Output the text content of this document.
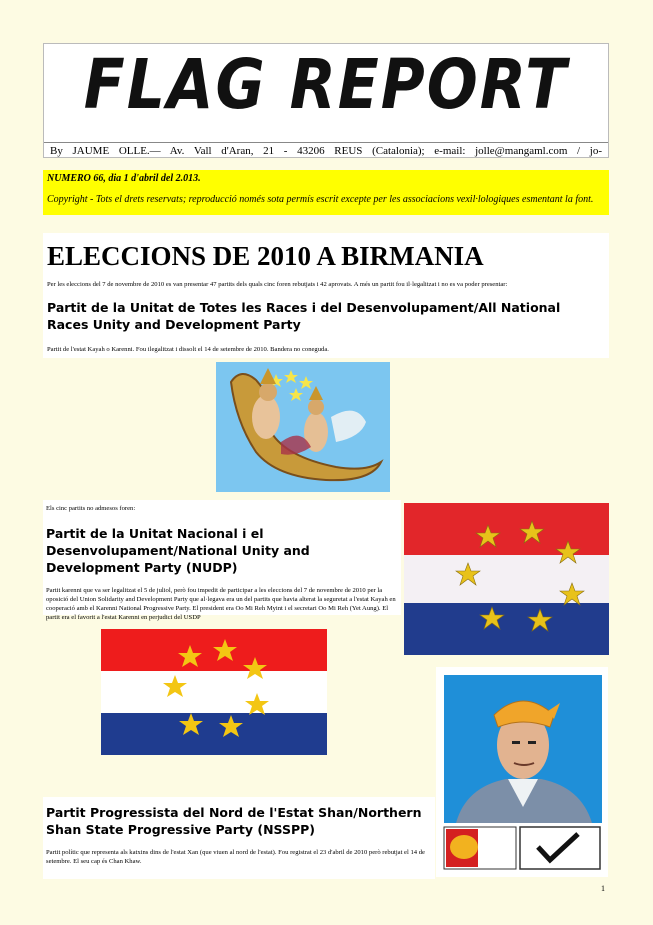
FLAG REPORT
By JAUME OLLE.— Av. Vall d'Aran, 21 - 43206 REUS (Catalonia); e-mail: jolle@mangaml.com / jo-

NUMERO 66, dia 1 d'abril del 2.013.

Copyright - Tots el drets reservats; reproducció només sota permís escrit excepte per les associacions vexil·lologiques esmentant la font.

ELECCIONS DE 2010 A BIRMANIA

Per les eleccions del 7 de novembre de 2010 es van presentar 47 partits dels quals cinc foren rebutjats i 42 aprovats. A més un partit fou il·legalitzat i no es va poder presentar:

Partit de la Unitat de Totes les Races i del Desenvolupament/All National Races Unity and Development Party

Partit de l'estat Kayah o Karenni. Fou ilegalitzat i dissolt el 14 de setembre de 2010. Bandera no coneguda.

Els cinc partits no admesos foren:

Partit de la Unitat Nacional i el Desenvolupament/National Unity and Development Party (NUDP)

Partit karenni que va ser legalitzat el 5 de juliol, però fou impedit de participar a les eleccions del 7 de novembre de 2010 per la oposició del Union Solidarity and Development Party que al·legava era un del partits que havia alterat la seguretat a l'estat Kayah en cooperació amb el Karenni National Progressive Party. El president era Oo Mi Reh Myint i el secretari Oo Mi Reh (Yet Aung). El partit era el favorit a l'estat Karenni en perjudici del USDP

Partit Progressista del Nord de l'Estat Shan/Northern Shan State Progressive Party (NSSPP)

Partit polític que representa als katxins dins de l'estat Xan (que viuen al nord de l'estat). Fou registrat el 23 d'abril de 2010 però rebutjat el 14 de setembre. El seu cap és Chan Khaw.

1
